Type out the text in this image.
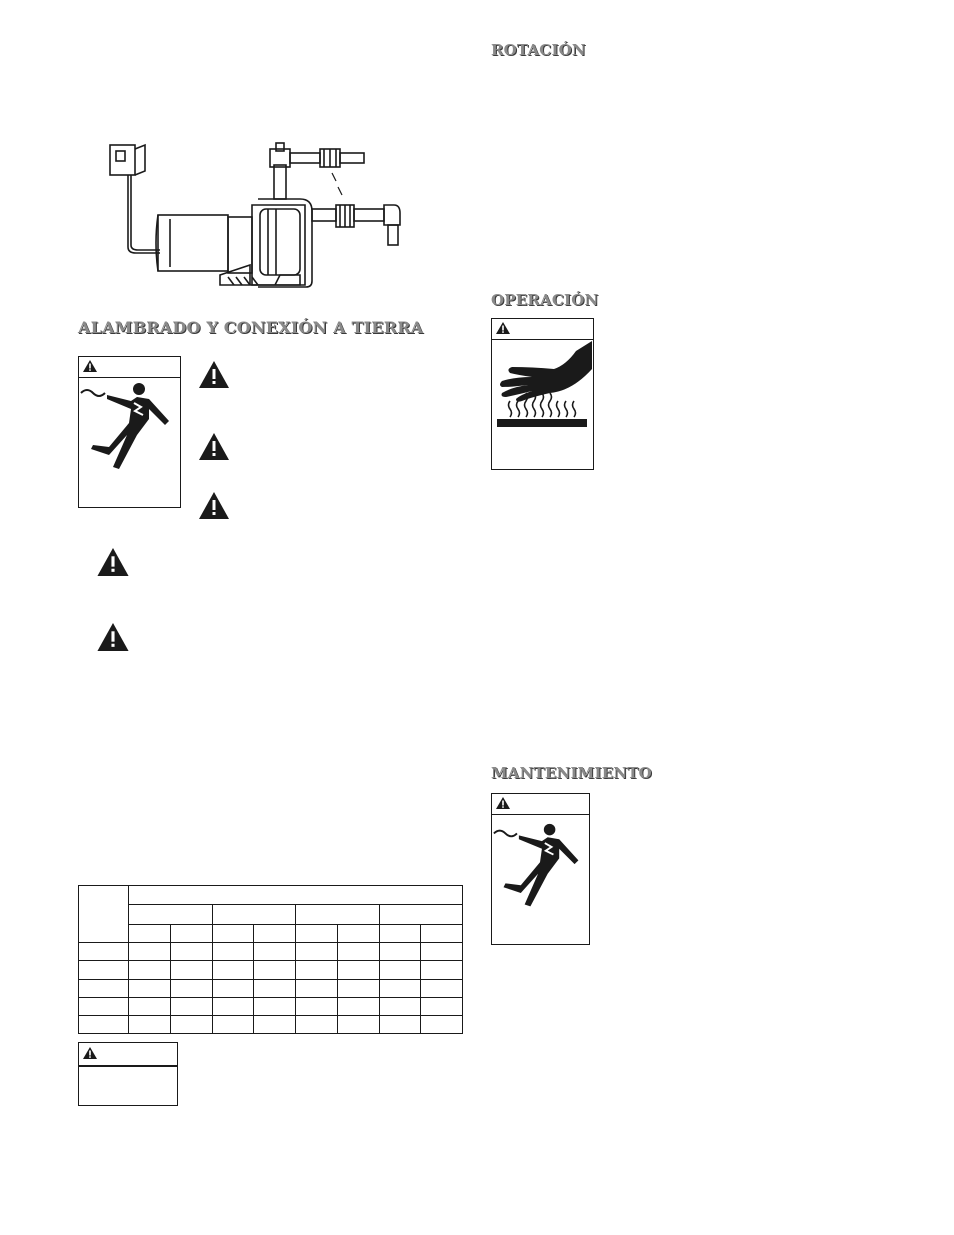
ALAMBRADO Y CONEXIÓN A TIERRA

ROTACIÓN
OPERACIÓN
MANTENIMIENTO
